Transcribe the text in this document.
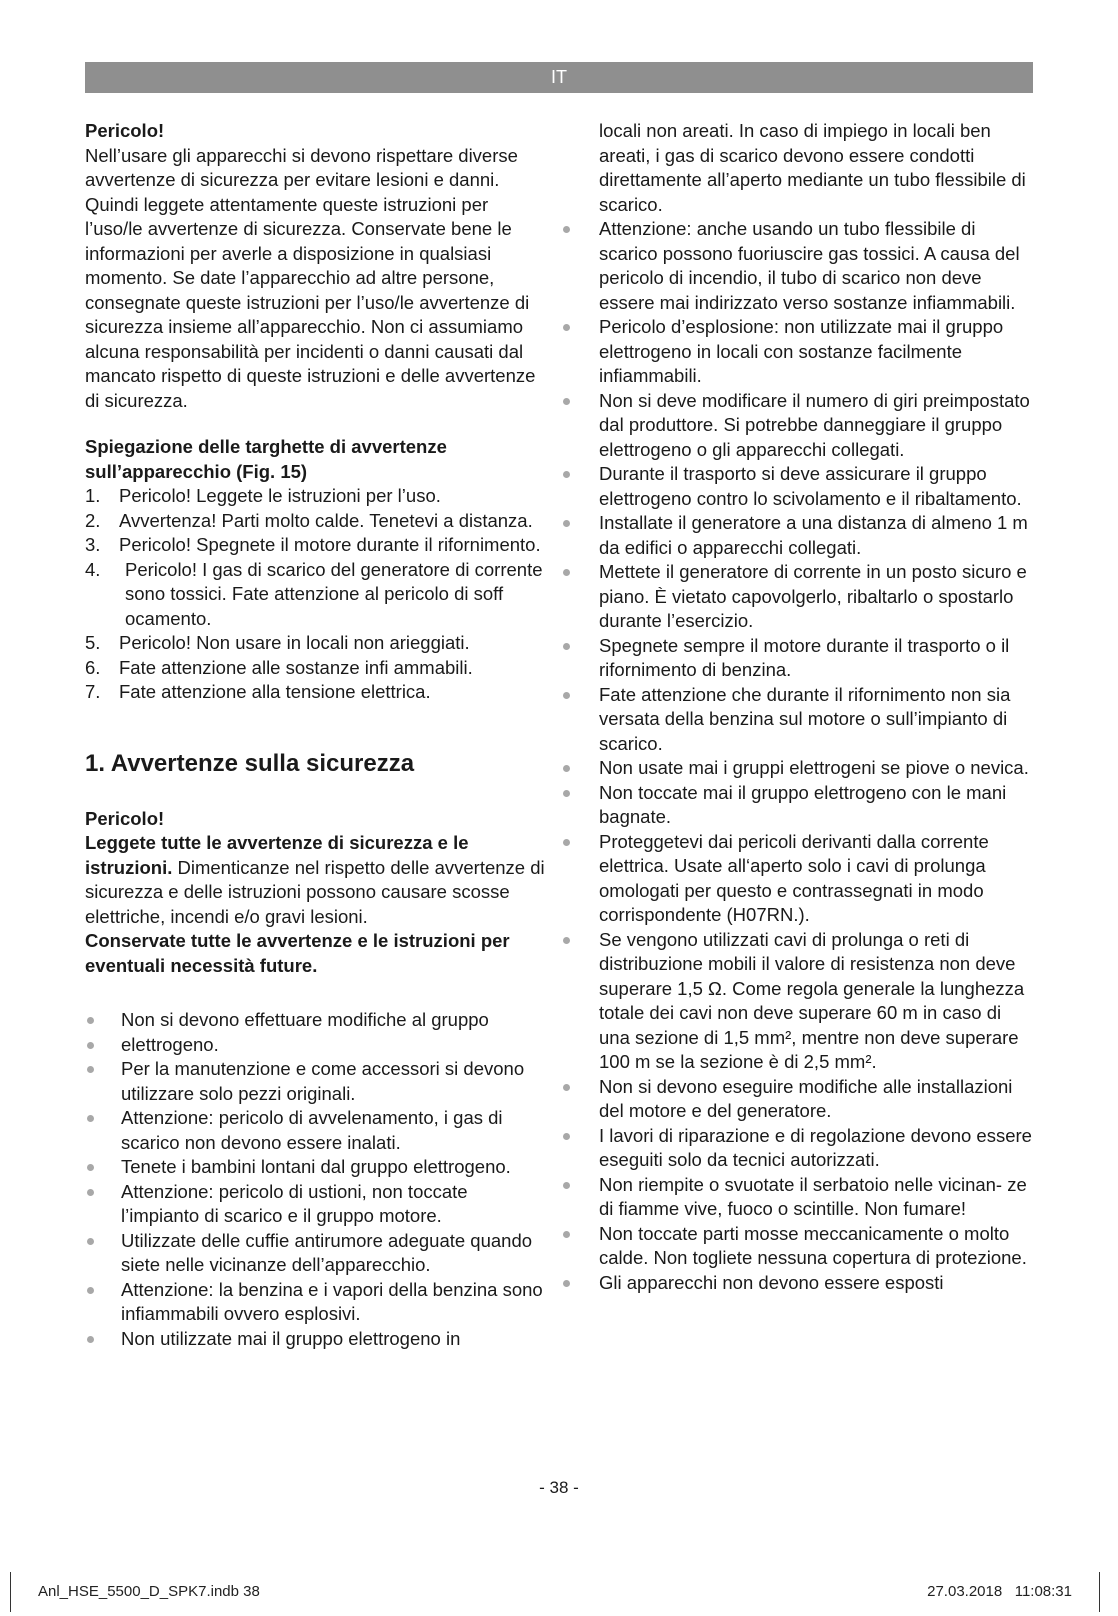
IT

Pericolo!

Nell’usare gli apparecchi si devono rispettare diverse avvertenze di sicurezza per evitare lesioni e danni. Quindi leggete attentamente queste istruzioni per l’uso/le avvertenze di sicurezza. Conservate bene le informazioni per averle a disposizione in qualsiasi momento. Se date l’apparecchio ad altre persone, consegnate queste istruzioni per l’uso/le avvertenze di sicurezza insieme all’apparecchio. Non ci assumiamo alcuna responsabilità per incidenti o danni causati dal mancato rispetto di queste istruzioni e delle avvertenze di sicurezza.

Spiegazione delle targhette di avvertenze sull’apparecchio (Fig. 15)

1. Pericolo! Leggete le istruzioni per l’uso.
2. Avvertenza! Parti molto calde. Tenetevi a distanza.
3. Pericolo! Spegnete il motore durante il rifornimento.
4. Pericolo! I gas di scarico del generatore di corrente sono tossici. Fate attenzione al pericolo di soff ocamento.
5. Pericolo! Non usare in locali non arieggiati.
6. Fate attenzione alle sostanze infi ammabili.
7. Fate attenzione alla tensione elettrica.
1. Avvertenze sulla sicurezza

Pericolo!

Leggete tutte le avvertenze di sicurezza e le istruzioni. Dimenticanze nel rispetto delle avvertenze di sicurezza e delle istruzioni possono causare scosse elettriche, incendi e/o gravi lesioni.

Conservate tutte le avvertenze e le istruzioni per eventuali necessità future.

Non si devono effettuare modifiche al gruppo
elettrogeno.
Per la manutenzione e come accessori si devono utilizzare solo pezzi originali.
Attenzione: pericolo di avvelenamento, i gas di scarico non devono essere inalati.
Tenete i bambini lontani dal gruppo elettrogeno.
Attenzione: pericolo di ustioni, non toccate l’impianto di scarico e il gruppo motore.
Utilizzate delle cuffie antirumore adeguate quando siete nelle vicinanze dell’apparecchio.
Attenzione: la benzina e i vapori della benzina sono infiammabili ovvero esplosivi.
Non utilizzate mai il gruppo elettrogeno in

locali non areati. In caso di impiego in locali ben areati, i gas di scarico devono essere condotti direttamente all’aperto mediante un tubo flessibile di scarico.

Attenzione: anche usando un tubo flessibile di scarico possono fuoriuscire gas tossici. A causa del pericolo di incendio, il tubo di scarico non deve essere mai indirizzato verso sostanze infiammabili.
Pericolo d’esplosione: non utilizzate mai il gruppo elettrogeno in locali con sostanze facilmente infiammabili.
Non si deve modificare il numero di giri preimpostato dal produttore. Si potrebbe danneggiare il gruppo elettrogeno o gli apparecchi collegati.
Durante il trasporto si deve assicurare il gruppo elettrogeno contro lo scivolamento e il ribaltamento.
Installate il generatore a una distanza di almeno 1 m da edifici o apparecchi collegati.
Mettete il generatore di corrente in un posto sicuro e piano. È vietato capovolgerlo, ribaltarlo o spostarlo durante l’esercizio.
Spegnete sempre il motore durante il trasporto o il rifornimento di benzina.
Fate attenzione che durante il rifornimento non sia versata della benzina sul motore o sull’impianto di scarico.
Non usate mai i gruppi elettrogeni se piove o nevica.
Non toccate mai il gruppo elettrogeno con le mani bagnate.
Proteggetevi dai pericoli derivanti dalla corrente elettrica. Usate all‘aperto solo i cavi di prolunga omologati per questo e contrassegnati in modo corrispondente (H07RN.).
Se vengono utilizzati cavi di prolunga o reti di distribuzione mobili il valore di resistenza non deve superare 1,5 Ω. Come regola generale la lunghezza totale dei cavi non deve superare 60 m in caso di una sezione di 1,5 mm², mentre non deve superare 100 m se la sezione è di 2,5 mm².
Non si devono eseguire modifiche alle installazioni del motore e del generatore.
I lavori di riparazione e di regolazione devono essere eseguiti solo da tecnici autorizzati.
Non riempite o svuotate il serbatoio nelle vicinan- ze di fiamme vive, fuoco o scintille. Non fumare!
Non toccate parti mosse meccanicamente o molto calde. Non togliete nessuna copertura di protezione.
Gli apparecchi non devono essere esposti
- 38 -
Anl_HSE_5500_D_SPK7.indb 38	27.03.2018 11:08:31
